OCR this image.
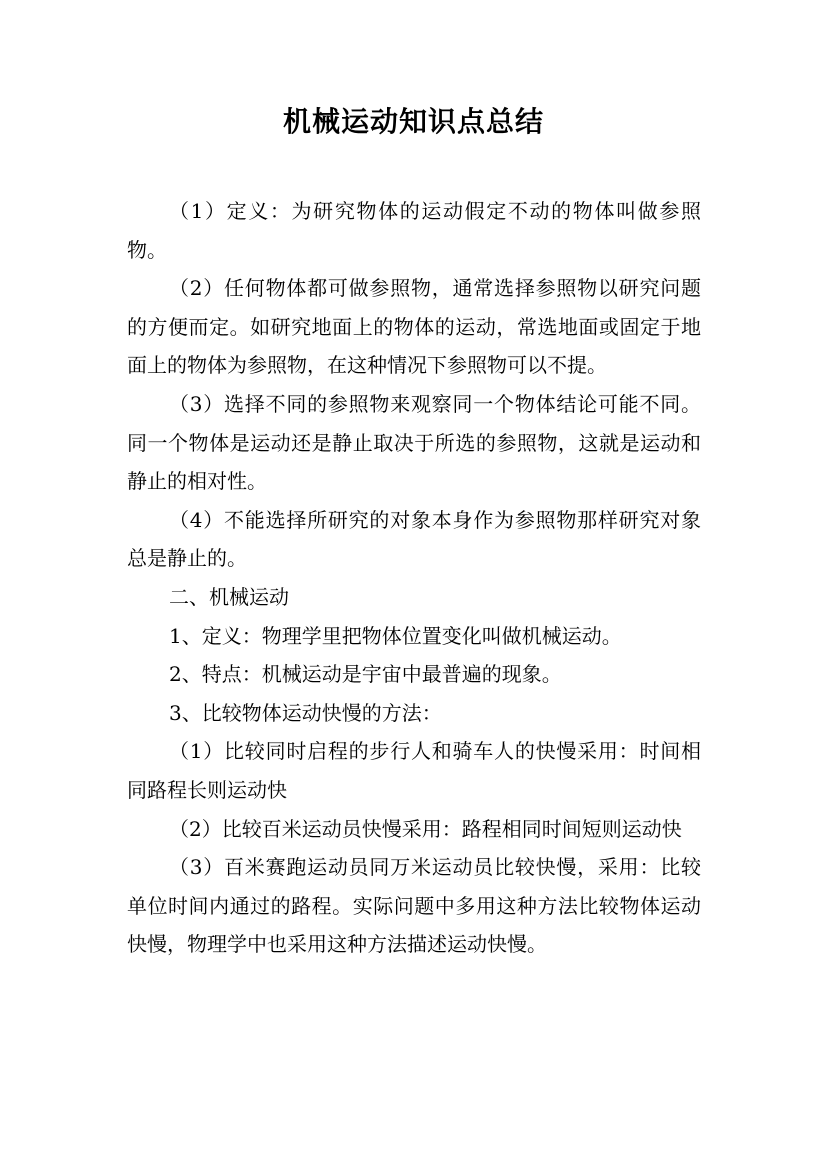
机械运动知识点总结

（1）定义：为研究物体的运动假定不动的物体叫做参照物。

（2）任何物体都可做参照物，通常选择参照物以研究问题的方便而定。如研究地面上的物体的运动，常选地面或固定于地面上的物体为参照物，在这种情况下参照物可以不提。

（3）选择不同的参照物来观察同一个物体结论可能不同。同一个物体是运动还是静止取决于所选的参照物，这就是运动和静止的相对性。

（4）不能选择所研究的对象本身作为参照物那样研究对象总是静止的。

二、机械运动

1、定义：物理学里把物体位置变化叫做机械运动。

2、特点：机械运动是宇宙中最普遍的现象。

3、比较物体运动快慢的方法：

（1）比较同时启程的步行人和骑车人的快慢采用：时间相同路程长则运动快

（2）比较百米运动员快慢采用：路程相同时间短则运动快

（3）百米赛跑运动员同万米运动员比较快慢，采用：比较单位时间内通过的路程。实际问题中多用这种方法比较物体运动快慢，物理学中也采用这种方法描述运动快慢。
